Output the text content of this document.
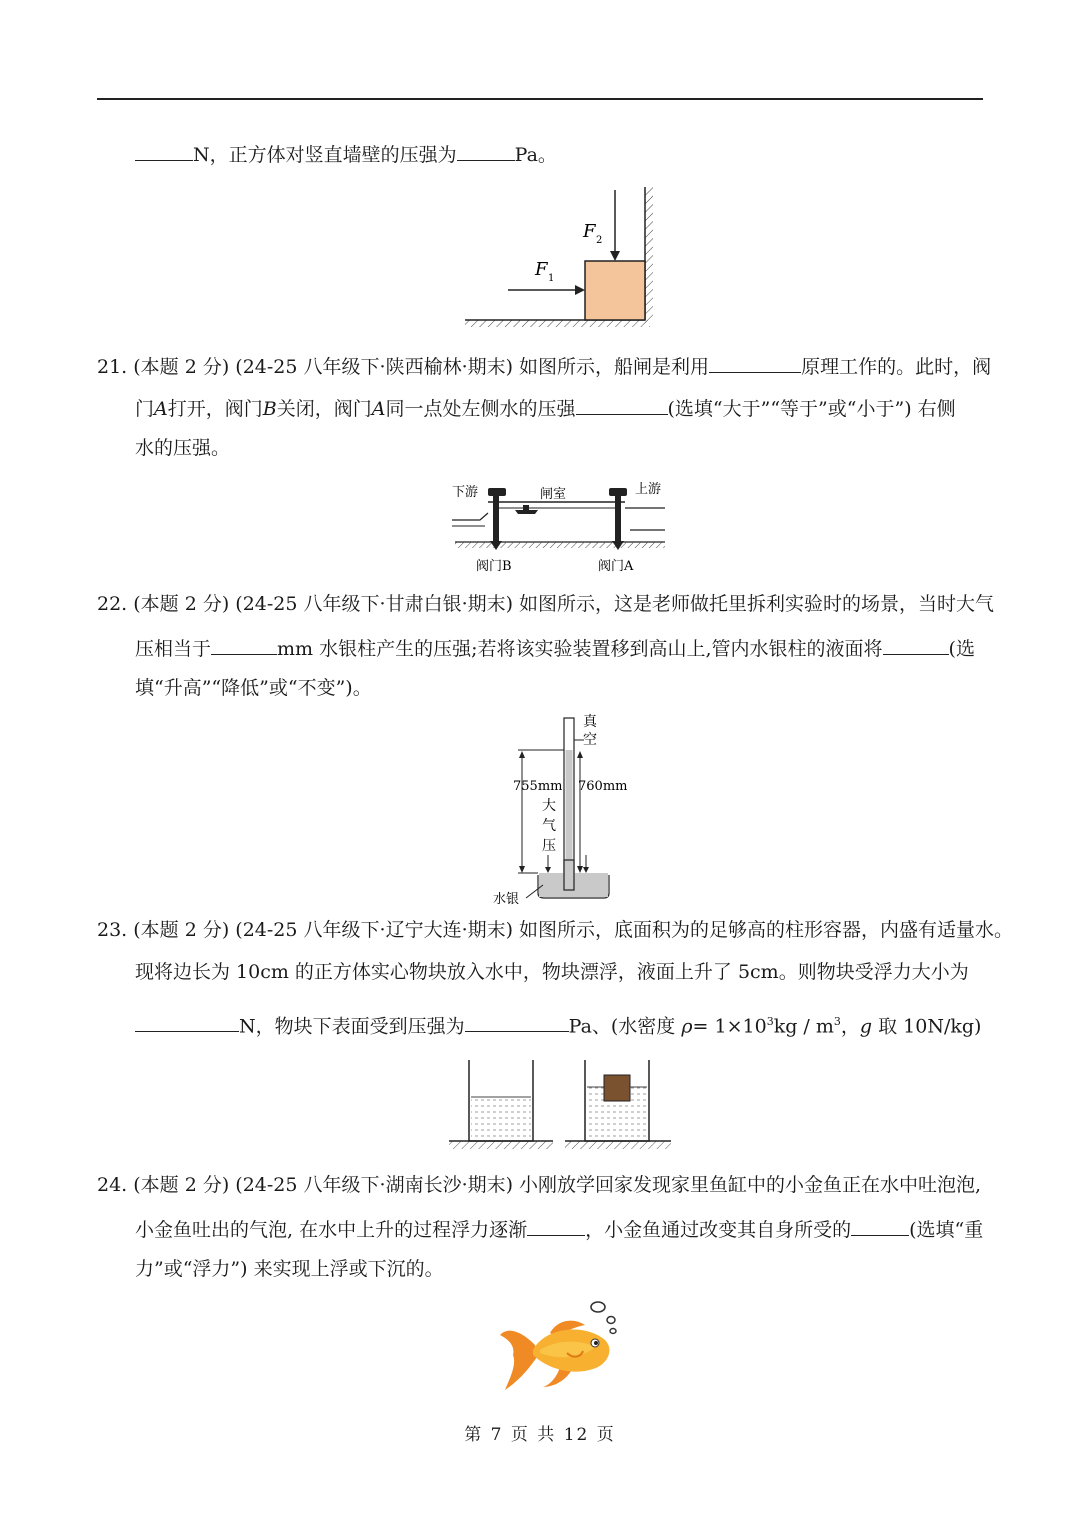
N，正方体对竖直墙壁的压强为	Pa。
F 2
F 1
21. (本题 2 分) (24-25 八年级下·陕西榆林·期末) 如图所示，船闸是利用	原理工作的。此时，阀
门A打开，阀门B关闭，阀门A同一点处左侧水的压强	(选填“大于”“等于”或“小于”) 右侧
水的压强。
下游	闸室	上游
阀门B	阀门A
22. (本题 2 分) (24-25 八年级下·甘肃白银·期末) 如图所示，这是老师做托里拆利实验时的场景，当时大气
压相当于	mm 水银柱产生的压强;若将该实验装置移到高山上,管内水银柱的液面将	(选
填“升高”“降低”或“不变”)。
真
空
755mm 760mm
大
气
压
水银
23. (本题 2 分) (24-25 八年级下·辽宁大连·期末) 如图所示，底面积为的足够高的柱形容器，内盛有适量水。
现将边长为 10cm 的正方体实心物块放入水中，物块漂浮，液面上升了 5cm。则物块受浮力大小为
N，物块下表面受到压强为	Pa、(水密度 $\rho= 1\times 10^3kg / m^3$，g 取 10N/kg)
24. (本题 2 分) (24-25 八年级下·湖南长沙·期末) 小刚放学回家发现家里鱼缸中的小金鱼正在水中吐泡泡,
小金鱼吐出的气泡, 在水中上升的过程浮力逐渐	，小金鱼通过改变其自身所受的	(选填“重
力”或“浮力”) 来实现上浮或下沉的。
第 7 页 共 12 页
